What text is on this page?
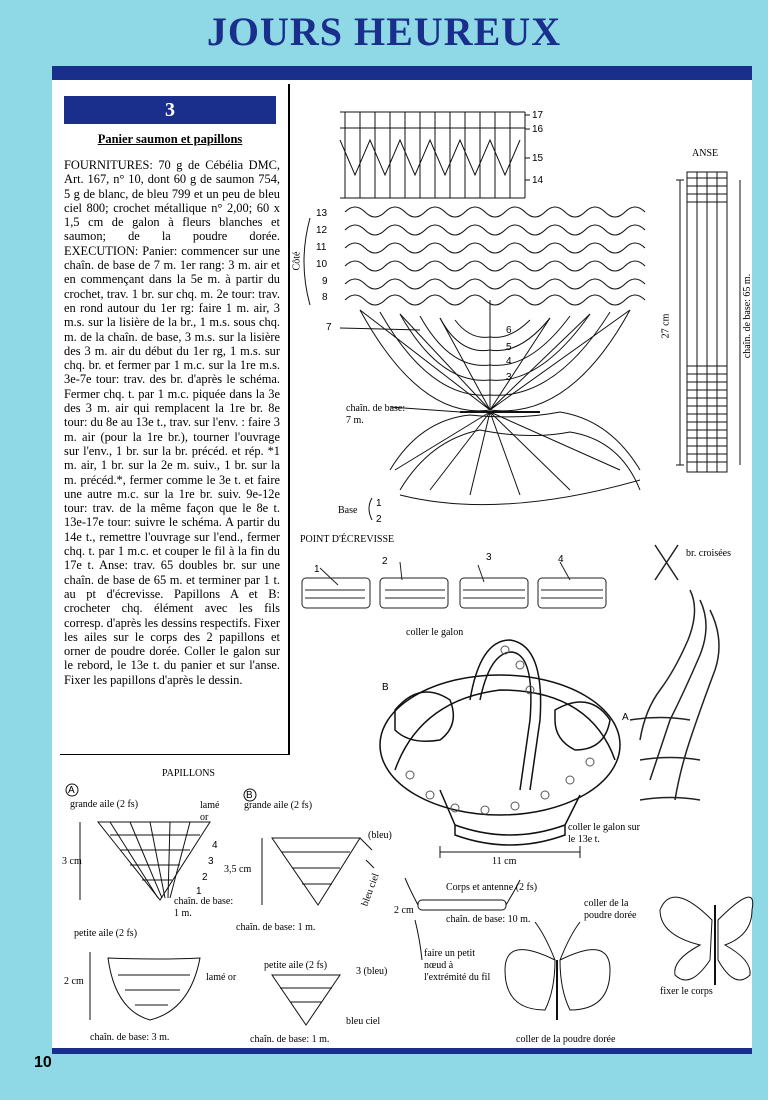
JOURS HEUREUX
10
3
Panier saumon et papillons

FOURNITURES: 70 g de Cébélia DMC, Art. 167, n° 10, dont 60 g de saumon 754, 5 g de blanc, de bleu 799 et un peu de bleu ciel 800; crochet métallique n° 2,00; 60 x 1,5 cm de galon à fleurs blanches et saumon; de la poudre dorée. EXECUTION: Panier: commencer sur une chaîn. de base de 7 m. 1er rang: 3 m. air et en commençant dans la 5e m. à partir du crochet, trav. 1 br. sur chq. m. 2e tour: trav. en rond autour du 1er rg: faire 1 m. air, 3 m.s. sur la lisière de la br., 1 m.s. sous chq. m. de la chaîn. de base, 3 m.s. sur la lisière des 3 m. air du début du 1er rg, 1 m.s. sur chq. br. et fermer par 1 m.c. sur la 1re m.s. 3e-7e tour: trav. des br. d'après le schéma. Fermer chq. t. par 1 m.c. piquée dans la 3e des 3 m. air qui remplacent la 1re br. 8e tour: du 8e au 13e t., trav. sur l'env. : faire 3 m. air (pour la 1re br.), tourner l'ouvrage sur l'env., 1 br. sur la br. précéd. et rép. *1 m. air, 1 br. sur la 2e m. suiv., 1 br. sur la m. précéd.*, fermer comme le 3e t. et faire une autre m.c. sur la 1re br. suiv. 9e-12e tour: trav. de la même façon que le 8e t. 13e-17e tour: suivre le schéma. A partir du 14e t., remettre l'ouvrage sur l'end., fermer chq. t. par 1 m.c. et couper le fil à la fin du 17e t. Anse: trav. 65 doubles br. sur une chaîn. de base de 65 m. et terminer par 1 t. au pt d'écrevisse. Papillons A et B: crocheter chq. élément avec les fils corresp. d'après les dessins respectifs. Fixer les ailes sur le corps des 2 papillons et orner de poudre dorée. Coller le galon sur le rebord, le 13e t. du panier et sur l'anse. Fixer les papillons d'après le dessin.

17
16
15
14
13
12
11
10
9
8
7	6
5
4
3
Côté
chaîn. de base: 7 m.
Base
1
2
ANSE
27 cm	chaîn. de base: 65 m.
POINT D'ÉCREVISSE
1
2	3	4
br. croisées
coller le galon
coller le galon sur le 13e t.
11 cm
B
A
PAPILLONS
A	B
grande aile (2 fs)	lamé
or
3 cm
chaîn. de base: 1 m.
4
3
2
1
petite aile (2 fs)
2 cm	lamé or
chaîn. de base: 3 m.
grande aile (2 fs)
3,5 cm
(bleu)
bleu ciel
chaîn. de base: 1 m.
petite aile (2 fs)
3 (bleu)
bleu ciel
chaîn. de base: 1 m.
Corps et antenne (2 fs)
2 cm
chaîn. de base: 10 m.
faire un petit nœud à l'extrémité du fil
coller de la poudre dorée
fixer le corps
coller de la poudre dorée
